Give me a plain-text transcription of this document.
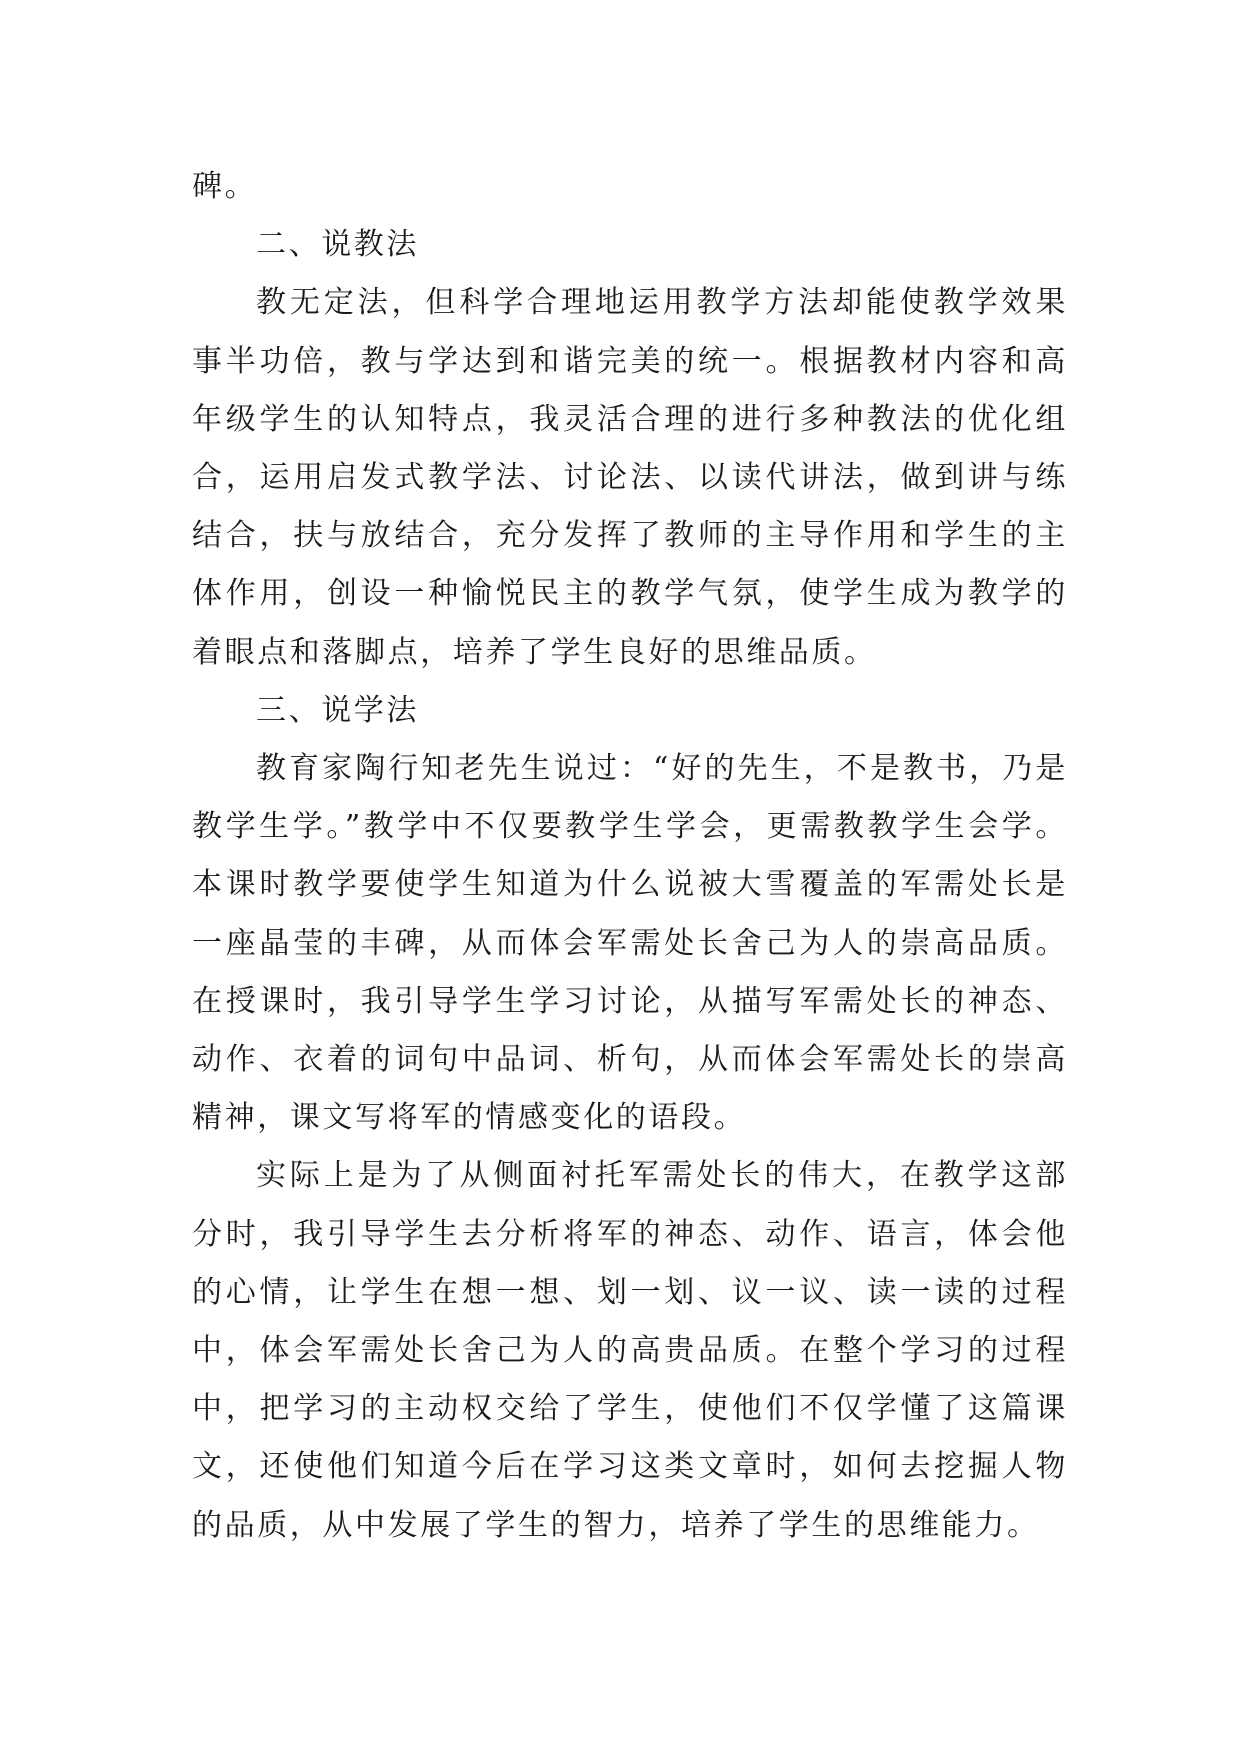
碑。

二、说教法

教无定法，但科学合理地运用教学方法却能使教学效果事半功倍，教与学达到和谐完美的统一。根据教材内容和高年级学生的认知特点，我灵活合理的进行多种教法的优化组合，运用启发式教学法、讨论法、以读代讲法，做到讲与练结合，扶与放结合，充分发挥了教师的主导作用和学生的主体作用，创设一种愉悦民主的教学气氛，使学生成为教学的着眼点和落脚点，培养了学生良好的思维品质。

三、说学法

教育家陶行知老先生说过：“好的先生，不是教书，乃是教学生学。”教学中不仅要教学生学会，更需教教学生会学。本课时教学要使学生知道为什么说被大雪覆盖的军需处长是一座晶莹的丰碑，从而体会军需处长舍己为人的崇高品质。在授课时，我引导学生学习讨论，从描写军需处长的神态、动作、衣着的词句中品词、析句，从而体会军需处长的崇高精神，课文写将军的情感变化的语段。

实际上是为了从侧面衬托军需处长的伟大，在教学这部分时，我引导学生去分析将军的神态、动作、语言，体会他的心情，让学生在想一想、划一划、议一议、读一读的过程中，体会军需处长舍己为人的高贵品质。在整个学习的过程中，把学习的主动权交给了学生，使他们不仅学懂了这篇课文，还使他们知道今后在学习这类文章时，如何去挖掘人物的品质，从中发展了学生的智力，培养了学生的思维能力。
